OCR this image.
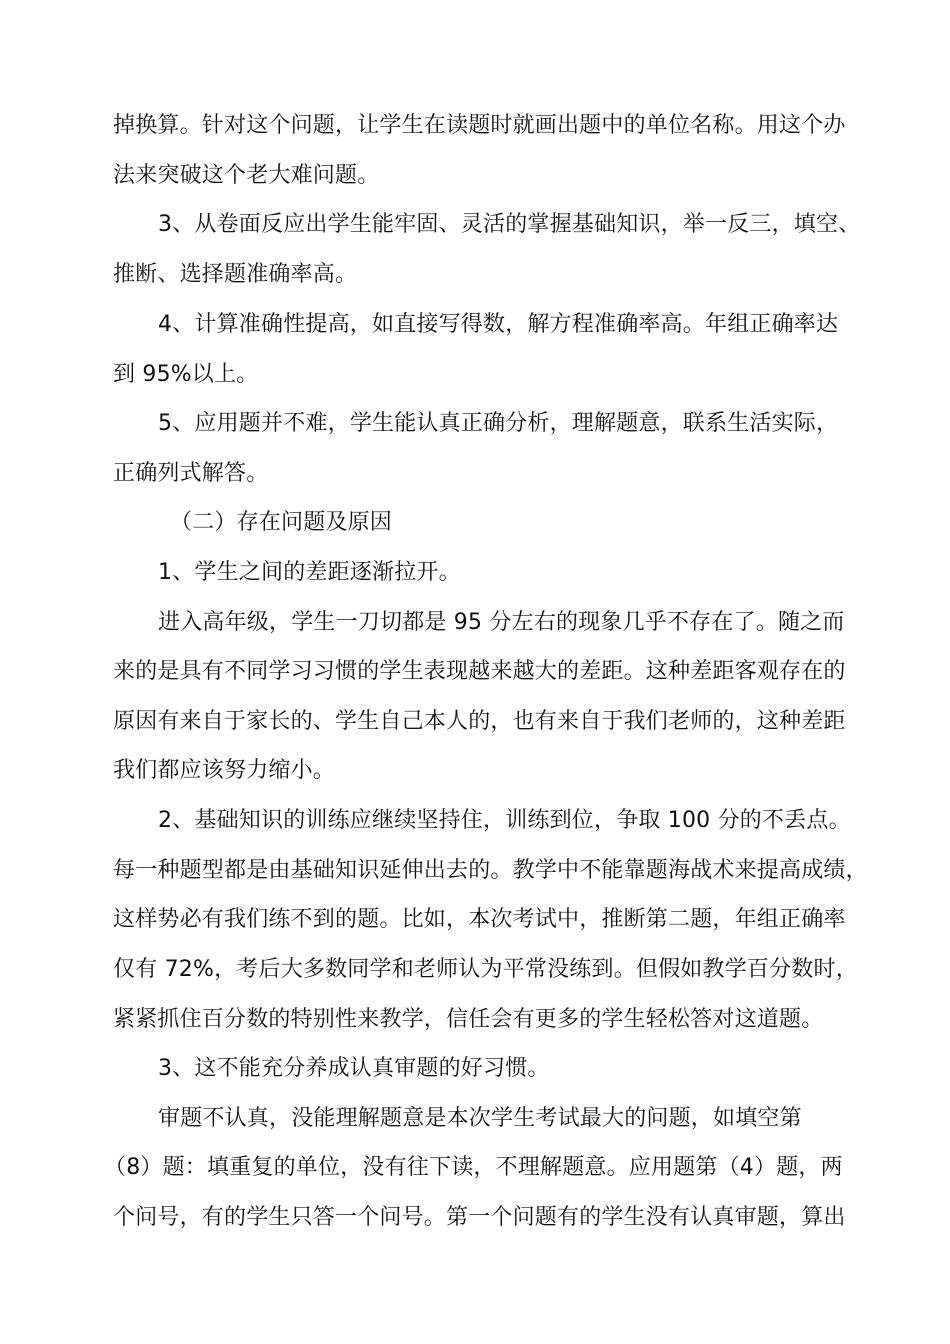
掉换算。针对这个问题，让学生在读题时就画出题中的单位名称。用这个办
法来突破这个老大难问题。
3、从卷面反应出学生能牢固、灵活的掌握基础知识，举一反三，填空、
推断、选择题准确率高。
4、计算准确性提高，如直接写得数，解方程准确率高。年组正确率达
到 95%以上。
5、应用题并不难，学生能认真正确分析，理解题意，联系生活实际，
正确列式解答。
（二）存在问题及原因
1、学生之间的差距逐渐拉开。
进入高年级，学生一刀切都是 95 分左右的现象几乎不存在了。随之而
来的是具有不同学习习惯的学生表现越来越大的差距。这种差距客观存在的
原因有来自于家长的、学生自己本人的，也有来自于我们老师的，这种差距
我们都应该努力缩小。
2、基础知识的训练应继续坚持住，训练到位，争取 100 分的不丢点。
每一种题型都是由基础知识延伸出去的。教学中不能靠题海战术来提高成绩，
这样势必有我们练不到的题。比如，本次考试中，推断第二题，年组正确率
仅有 72%，考后大多数同学和老师认为平常没练到。但假如教学百分数时，
紧紧抓住百分数的特别性来教学，信任会有更多的学生轻松答对这道题。
3、这不能充分养成认真审题的好习惯。
审题不认真，没能理解题意是本次学生考试最大的问题，如填空第
（8）题：填重复的单位，没有往下读，不理解题意。应用题第（4）题，两
个问号，有的学生只答一个问号。第一个问题有的学生没有认真审题，算出
